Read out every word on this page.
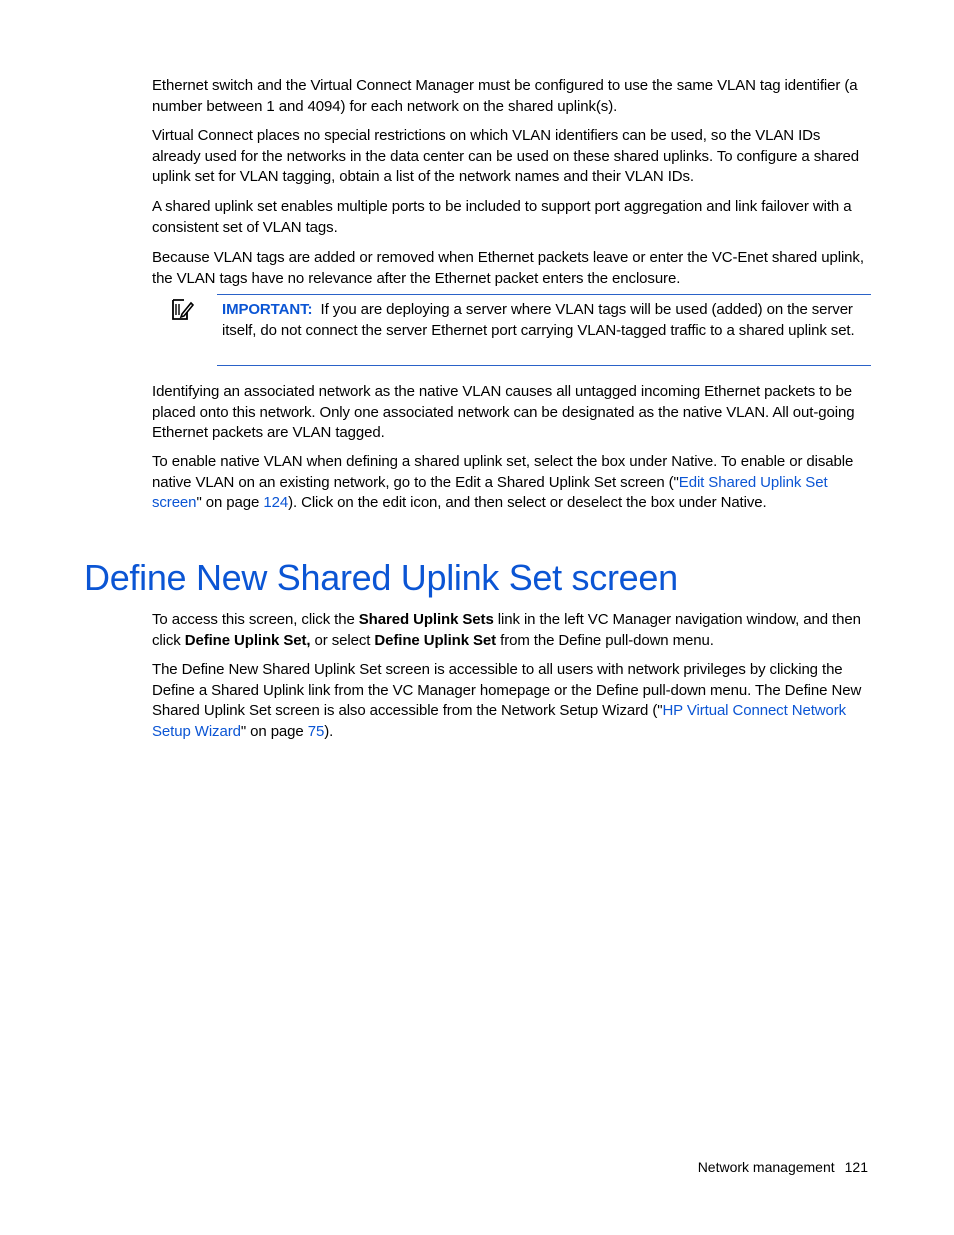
Ethernet switch and the Virtual Connect Manager must be configured to use the same VLAN tag identifier (a number between 1 and 4094) for each network on the shared uplink(s).

Virtual Connect places no special restrictions on which VLAN identifiers can be used, so the VLAN IDs already used for the networks in the data center can be used on these shared uplinks. To configure a shared uplink set for VLAN tagging, obtain a list of the network names and their VLAN IDs.

A shared uplink set enables multiple ports to be included to support port aggregation and link failover with a consistent set of VLAN tags.

Because VLAN tags are added or removed when Ethernet packets leave or enter the VC-Enet shared uplink, the VLAN tags have no relevance after the Ethernet packet enters the enclosure.

IMPORTANT: If you are deploying a server where VLAN tags will be used (added) on the server itself, do not connect the server Ethernet port carrying VLAN-tagged traffic to a shared uplink set.

Identifying an associated network as the native VLAN causes all untagged incoming Ethernet packets to be placed onto this network. Only one associated network can be designated as the native VLAN. All out-going Ethernet packets are VLAN tagged.

To enable native VLAN when defining a shared uplink set, select the box under Native. To enable or disable native VLAN on an existing network, go to the Edit a Shared Uplink Set screen ("Edit Shared Uplink Set screen" on page 124). Click on the edit icon, and then select or deselect the box under Native.

Define New Shared Uplink Set screen

To access this screen, click the Shared Uplink Sets link in the left VC Manager navigation window, and then click Define Uplink Set, or select Define Uplink Set from the Define pull-down menu.

The Define New Shared Uplink Set screen is accessible to all users with network privileges by clicking the Define a Shared Uplink link from the VC Manager homepage or the Define pull-down menu. The Define New Shared Uplink Set screen is also accessible from the Network Setup Wizard ("HP Virtual Connect Network Setup Wizard" on page 75).

Network management 121
